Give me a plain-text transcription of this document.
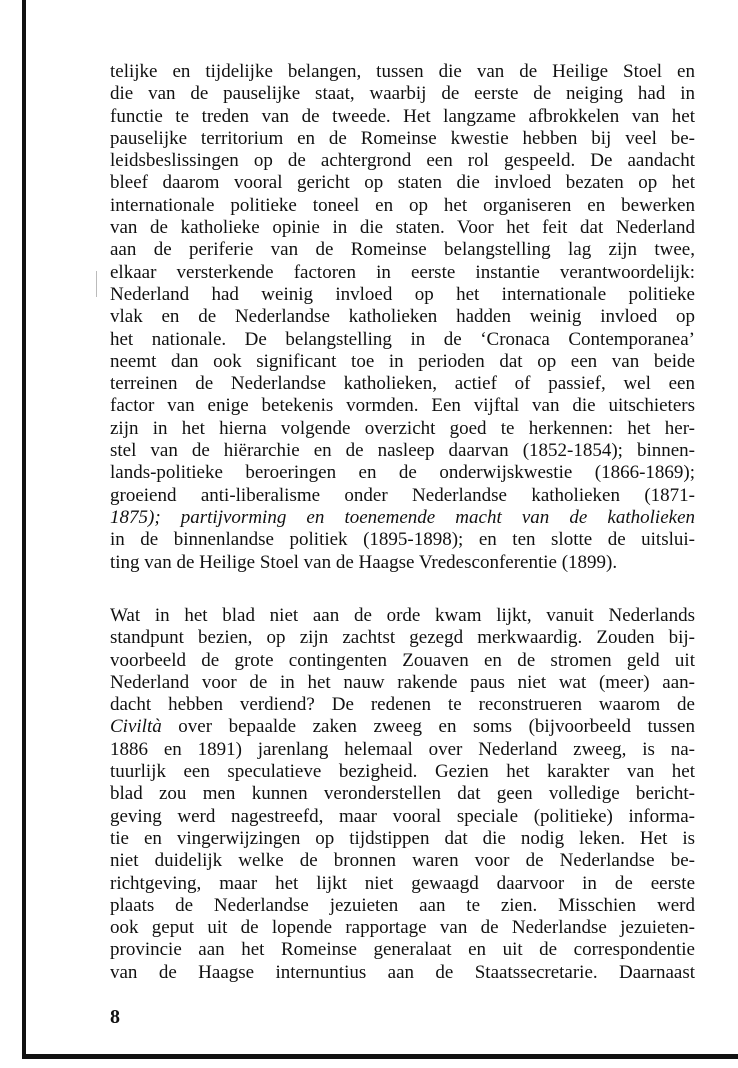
telijke en tijdelijke belangen, tussen die van de Heilige Stoel en
die van de pauselijke staat, waarbij de eerste de neiging had in
functie te treden van de tweede. Het langzame afbrokkelen van het
pauselijke territorium en de Romeinse kwestie hebben bij veel be-
leidsbeslissingen op de achtergrond een rol gespeeld. De aandacht
bleef daarom vooral gericht op staten die invloed bezaten op het
internationale politieke toneel en op het organiseren en bewerken
van de katholieke opinie in die staten. Voor het feit dat Nederland
aan de periferie van de Romeinse belangstelling lag zijn twee,
elkaar versterkende factoren in eerste instantie verantwoordelijk:
Nederland had weinig invloed op het internationale politieke
vlak en de Nederlandse katholieken hadden weinig invloed op
het nationale. De belangstelling in de ‘Cronaca Contemporanea’
neemt dan ook significant toe in perioden dat op een van beide
terreinen de Nederlandse katholieken, actief of passief, wel een
factor van enige betekenis vormden. Een vijftal van die uitschieters
zijn in het hierna volgende overzicht goed te herkennen: het her-
stel van de hiërarchie en de nasleep daarvan (1852-1854); binnen-
lands-politieke beroeringen en de onderwijskwestie (1866-1869);
groeiend anti-liberalisme onder Nederlandse katholieken (1871-
1875); partijvorming en toenemende macht van de katholieken
in de binnenlandse politiek (1895-1898); en ten slotte de uitslui-
ting van de Heilige Stoel van de Haagse Vredesconferentie (1899).
Wat in het blad niet aan de orde kwam lijkt, vanuit Nederlands
standpunt bezien, op zijn zachtst gezegd merkwaardig. Zouden bij-
voorbeeld de grote contingenten Zouaven en de stromen geld uit
Nederland voor de in het nauw rakende paus niet wat (meer) aan-
dacht hebben verdiend? De redenen te reconstrueren waarom de
Civiltà over bepaalde zaken zweeg en soms (bijvoorbeeld tussen
1886 en 1891) jarenlang helemaal over Nederland zweeg, is na-
tuurlijk een speculatieve bezigheid. Gezien het karakter van het
blad zou men kunnen veronderstellen dat geen volledige bericht-
geving werd nagestreefd, maar vooral speciale (politieke) informa-
tie en vingerwijzingen op tijdstippen dat die nodig leken. Het is
niet duidelijk welke de bronnen waren voor de Nederlandse be-
richtgeving, maar het lijkt niet gewaagd daarvoor in de eerste
plaats de Nederlandse jezuieten aan te zien. Misschien werd
ook geput uit de lopende rapportage van de Nederlandse jezuieten-
provincie aan het Romeinse generalaat en uit de correspondentie
van de Haagse internuntius aan de Staatssecretarie. Daarnaast
8
